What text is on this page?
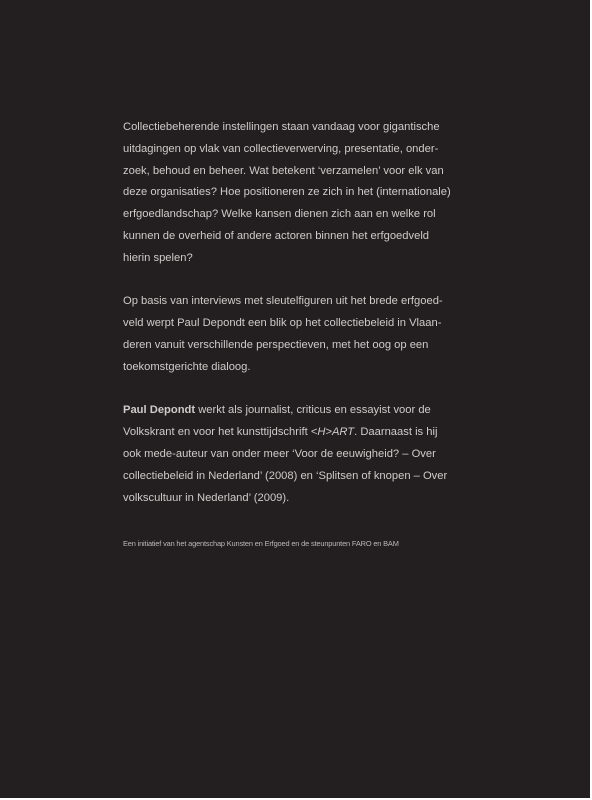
Collectiebeherende instellingen staan vandaag voor gigantische
uitdagingen op vlak van collectieverwerving, presentatie, onder-
zoek, behoud en beheer. Wat betekent ‘verzamelen’ voor elk van
deze organisaties? Hoe positioneren ze zich in het (internationale)
erfgoedlandschap? Welke kansen dienen zich aan en welke rol
kunnen de overheid of andere actoren binnen het erfgoedveld
hierin spelen?

Op basis van interviews met sleutelfiguren uit het brede erfgoed-
veld werpt Paul Depondt een blik op het collectiebeleid in Vlaan-
deren vanuit verschillende perspectieven, met het oog op een
toekomstgerichte dialoog.

Paul Depondt werkt als journalist, criticus en essayist voor de
Volkskrant en voor het kunsttijdschrift <H>ART. Daarnaast is hij
ook mede-auteur van onder meer ‘Voor de eeuwigheid? – Over
collectiebeleid in Nederland’ (2008) en ‘Splitsen of knopen – Over
volkscultuur in Nederland’ (2009).

Een initiatief van het agentschap Kunsten en Erfgoed en de steunpunten FARO en BAM
